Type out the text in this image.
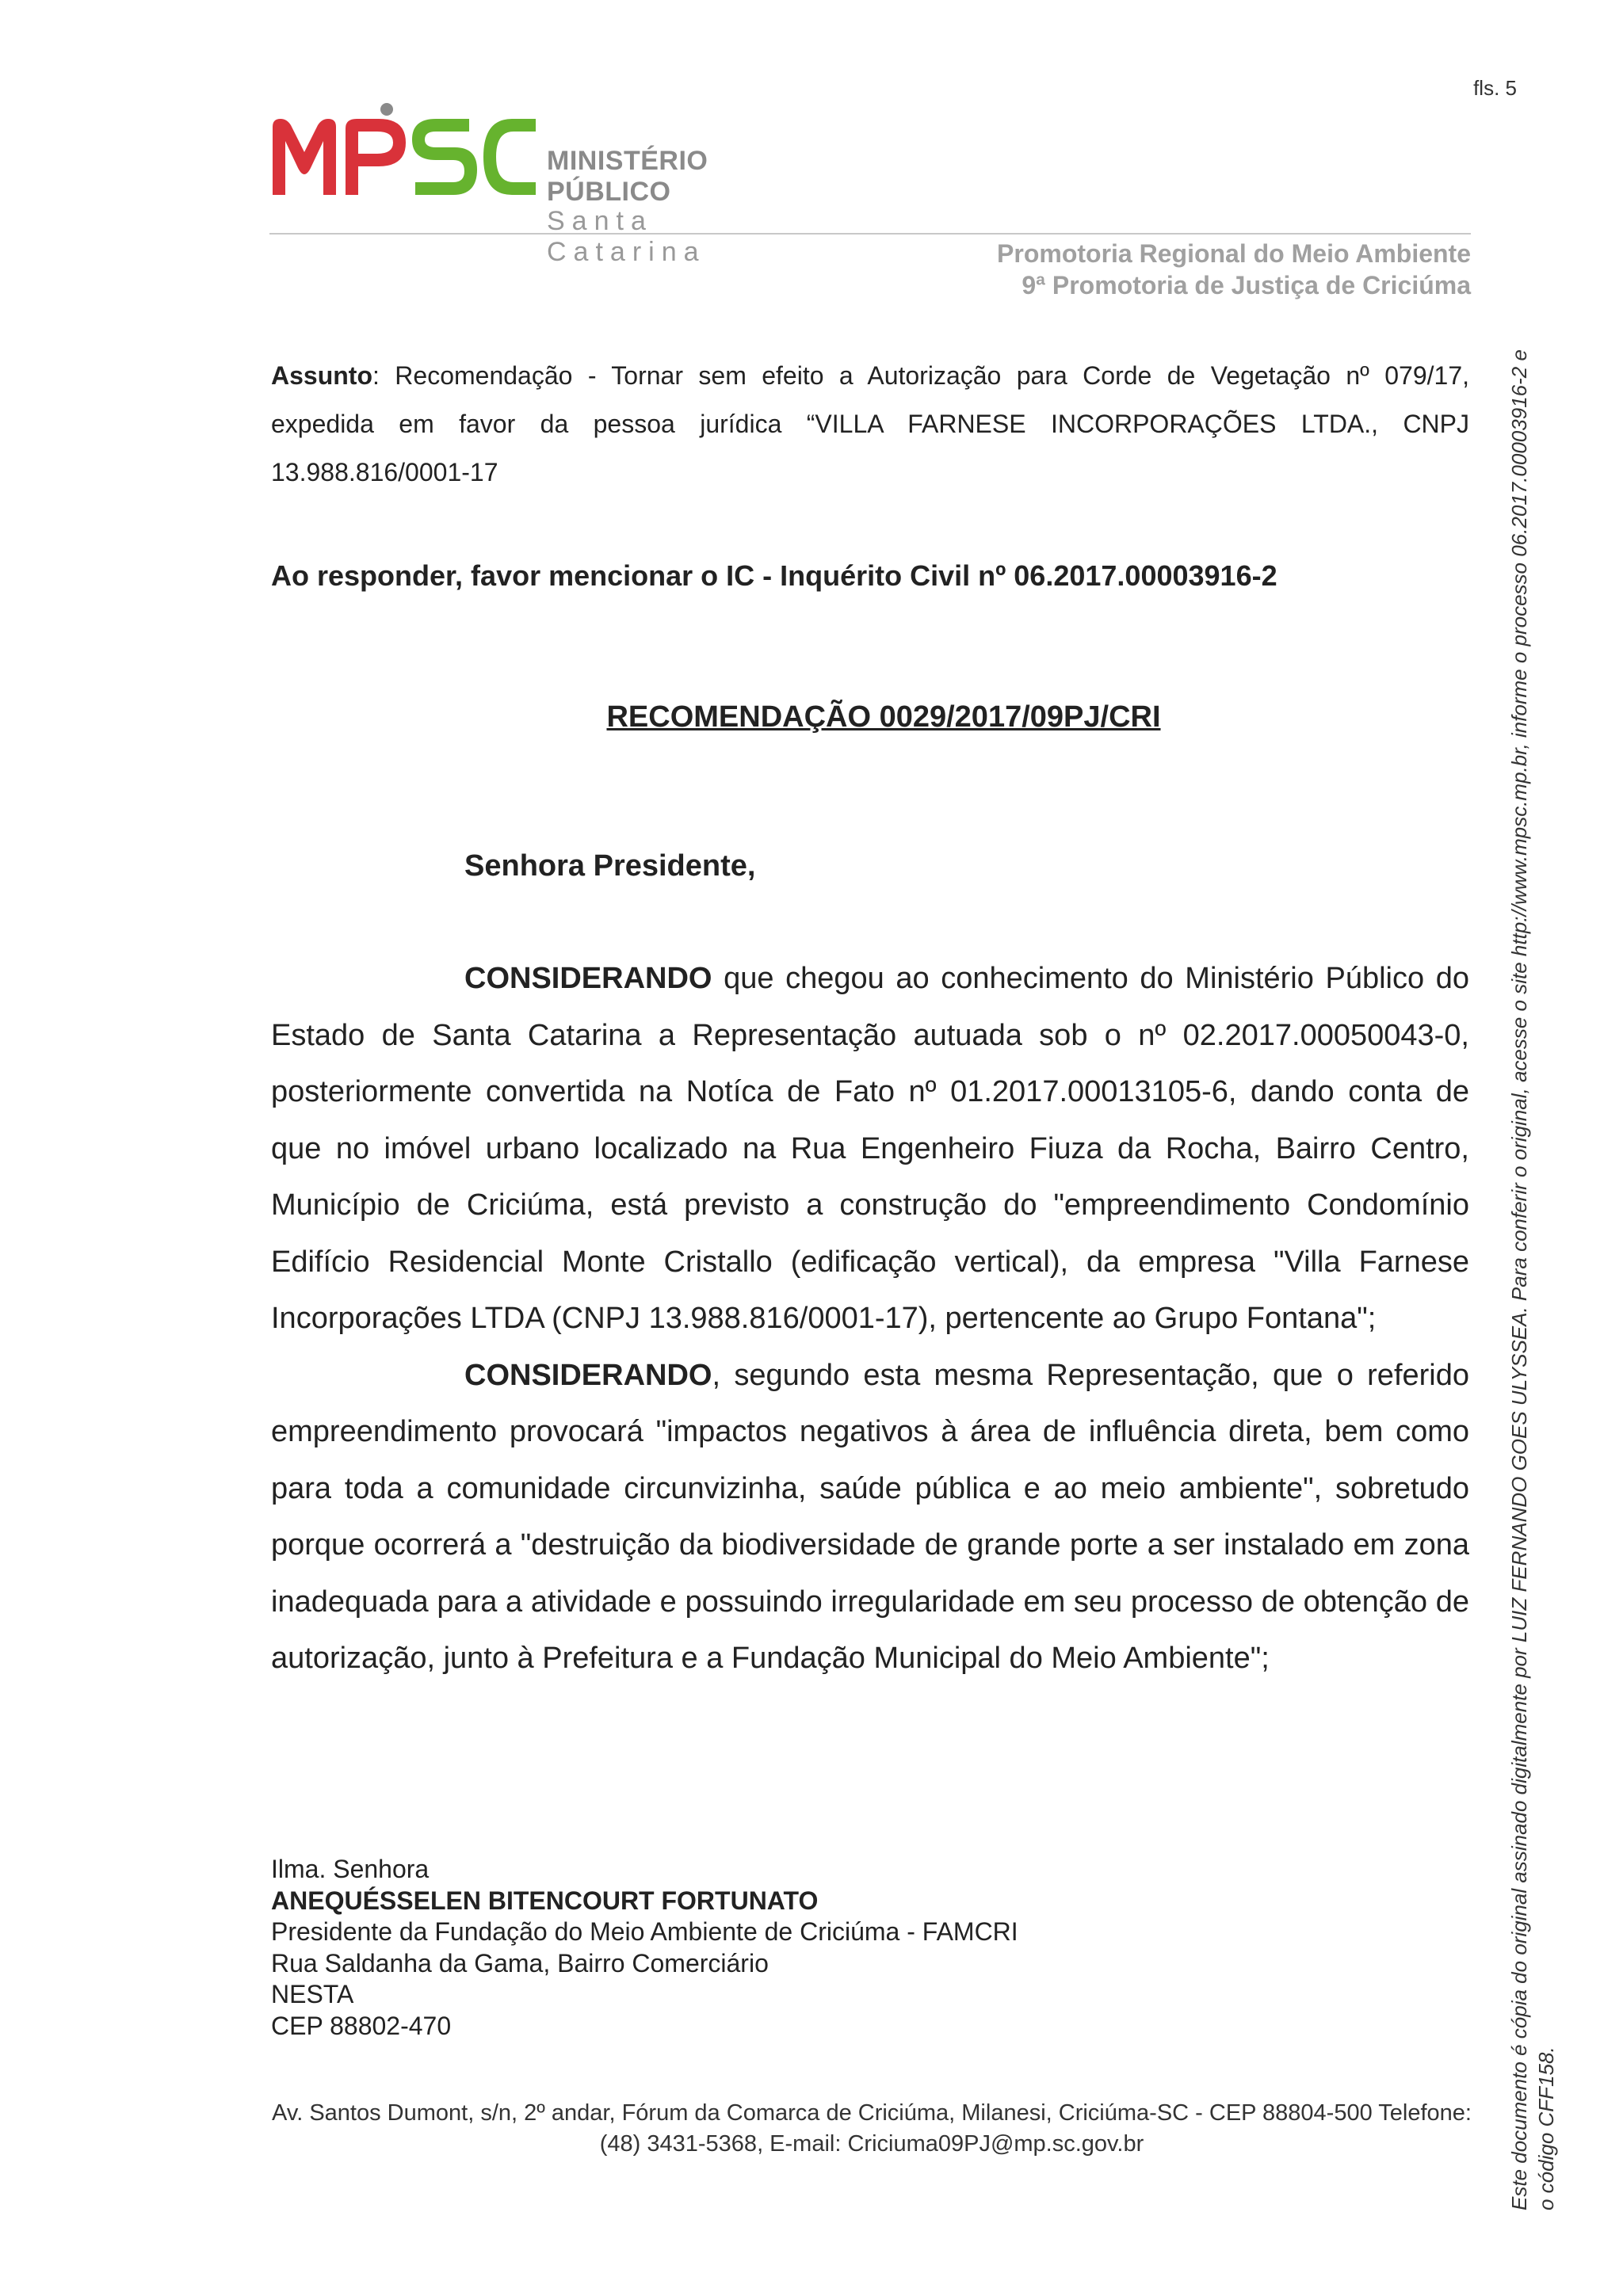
fls. 5
MINISTÉRIO PÚBLICO
Santa Catarina	Promotoria Regional do Meio Ambiente
9ª Promotoria de Justiça de Criciúma

Assunto: Recomendação - Tornar sem efeito a Autorização para Corde de Vegetação nº 079/17,

expedida em favor da pessoa jurídica “VILLA FARNESE INCORPORAÇÕES LTDA., CNPJ

13.988.816/0001-17

Ao responder, favor mencionar o IC - Inquérito Civil nº 06.2017.00003916-2
RECOMENDAÇÃO 0029/2017/09PJ/CRI
Senhora Presidente,

CONSIDERANDO que chegou ao conhecimento do Ministério Público do Estado de Santa Catarina a Representação autuada sob o nº 02.2017.00050043-0, posteriormente convertida na Notíca de Fato nº 01.2017.00013105-6, dando conta de que no imóvel urbano localizado na Rua Engenheiro Fiuza da Rocha, Bairro Centro, Município de Criciúma, está previsto a construção do "empreendimento Condomínio Edifício Residencial Monte Cristallo (edificação vertical), da empresa "Villa Farnese Incorporações LTDA (CNPJ 13.988.816/0001-17), pertencente ao Grupo Fontana";

CONSIDERANDO, segundo esta mesma Representação, que o referido empreendimento provocará "impactos negativos à área de influência direta, bem como para toda a comunidade circunvizinha, saúde pública e ao meio ambiente", sobretudo porque ocorrerá a "destruição da biodiversidade de grande porte a ser instalado em zona inadequada para a atividade e possuindo irregularidade em seu processo de obtenção de autorização, junto à Prefeitura e a Fundação Municipal do Meio Ambiente";

Ilma. Senhora
ANEQUÉSSELEN BITENCOURT FORTUNATO
Presidente da Fundação do Meio Ambiente de Criciúma - FAMCRI
Rua Saldanha da Gama, Bairro Comerciário
NESTA
CEP 88802-470
Av. Santos Dumont, s/n, 2º andar, Fórum da Comarca de Criciúma, Milanesi, Criciúma-SC - CEP 88804-500 Telefone:
(48) 3431-5368, E-mail: Criciuma09PJ@mp.sc.gov.br	Este documento é cópia do original assinado digitalmente por LUIZ FERNANDO GOES ULYSSEA. Para conferir o original, acesse o site http://www.mpsc.mp.br, informe o processo 06.2017.00003916-2 e o código CFF158.
